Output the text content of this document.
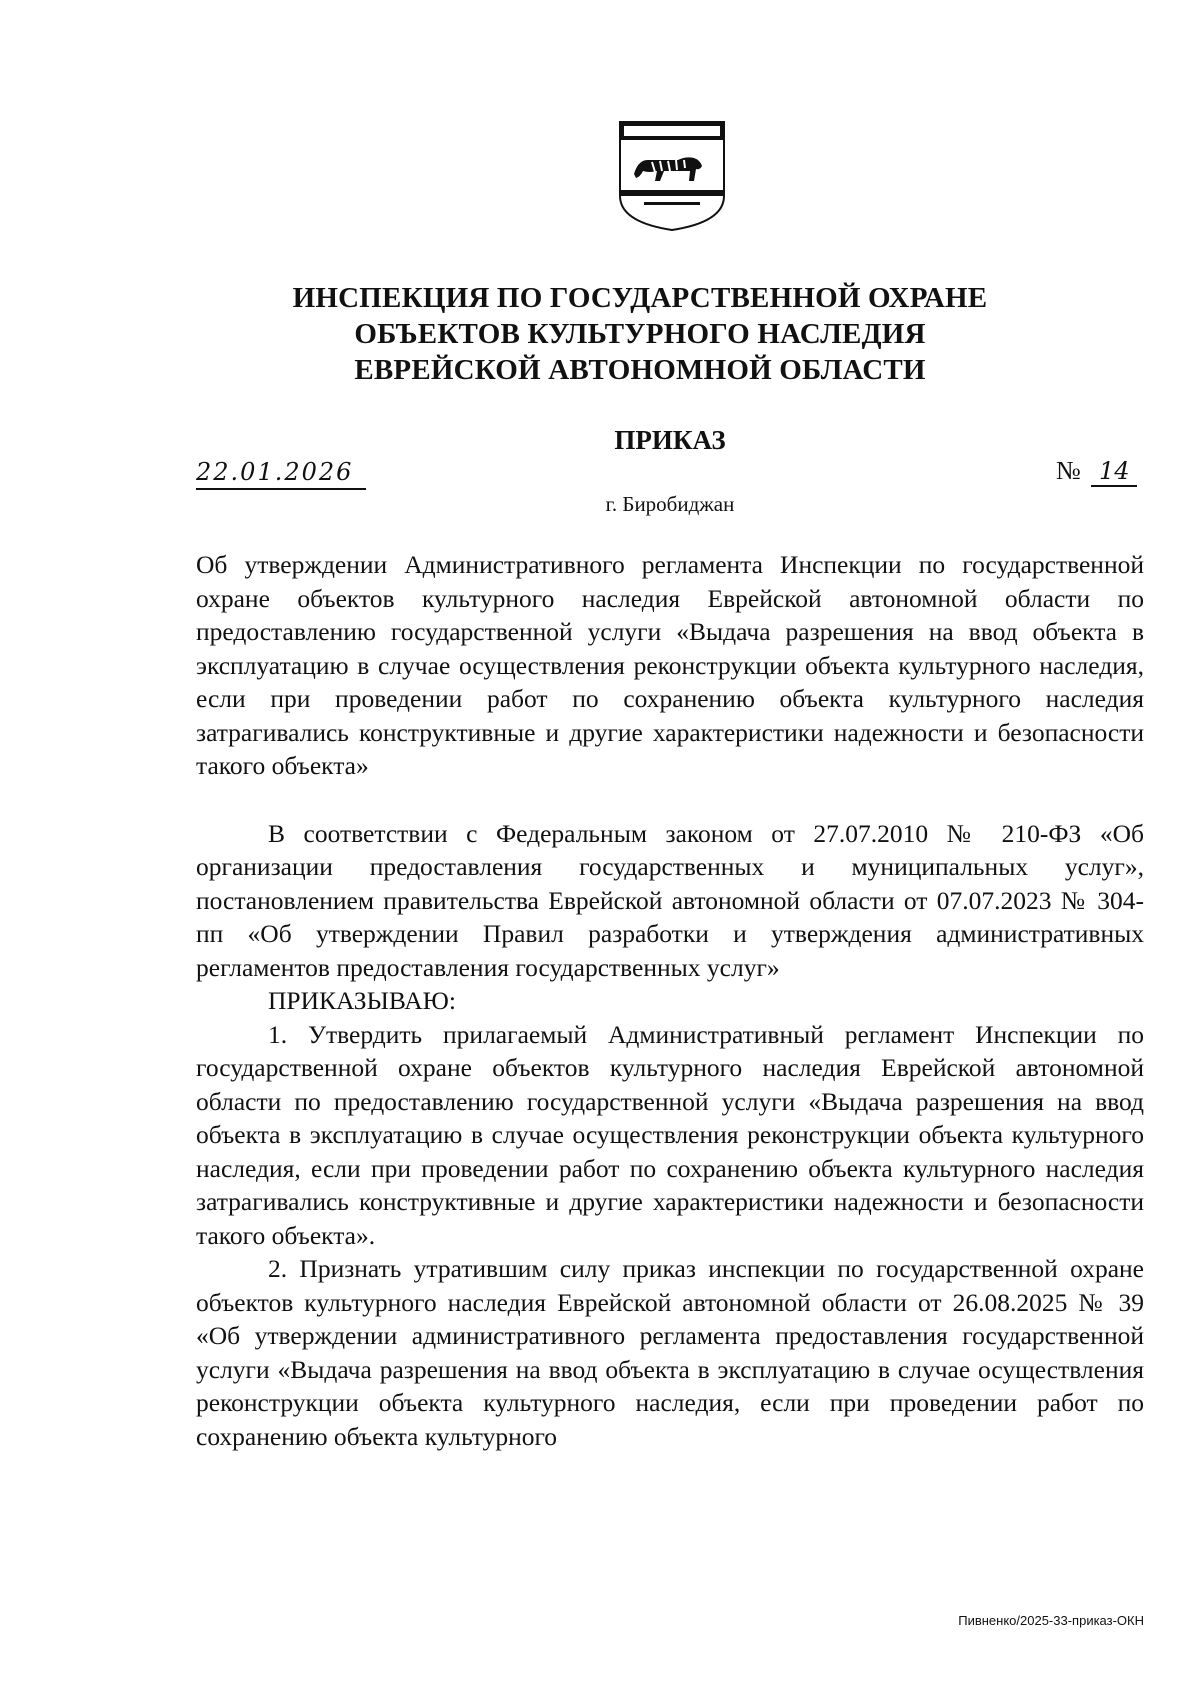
ИНСПЕКЦИЯ ПО ГОСУДАРСТВЕННОЙ ОХРАНЕ
ОБЪЕКТОВ КУЛЬТУРНОГО НАСЛЕДИЯ
ЕВРЕЙСКОЙ АВТОНОМНОЙ ОБЛАСТИ
ПРИКАЗ
22.01.2026	№ 14
г. Биробиджан

Об утверждении Административного регламента Инспекции по государственной охране объектов культурного наследия Еврейской автономной области по предоставлению государственной услуги «Выдача разрешения на ввод объекта в эксплуатацию в случае осуществления реконструкции объекта культурного наследия, если при проведении работ по сохранению объекта культурного наследия затрагивались конструктивные и другие характеристики надежности и безопасности такого объекта»

В соответствии с Федеральным законом от 27.07.2010 № 210-ФЗ «Об организации предоставления государственных и муниципальных услуг», постановлением правительства Еврейской автономной области от 07.07.2023 № 304-пп «Об утверждении Правил разработки и утверждения административных регламентов предоставления государственных услуг»

ПРИКАЗЫВАЮ:

1. Утвердить прилагаемый Административный регламент Инспекции по государственной охране объектов культурного наследия Еврейской автономной области по предоставлению государственной услуги «Выдача разрешения на ввод объекта в эксплуатацию в случае осуществления реконструкции объекта культурного наследия, если при проведении работ по сохранению объекта культурного наследия затрагивались конструктивные и другие характеристики надежности и безопасности такого объекта».

2. Признать утратившим силу приказ инспекции по государственной охране объектов культурного наследия Еврейской автономной области от 26.08.2025 № 39 «Об утверждении административного регламента предоставления государственной услуги «Выдача разрешения на ввод объекта в эксплуатацию в случае осуществления реконструкции объекта культурного наследия, если при проведении работ по сохранению объекта культурного

Пивненко/2025-33-приказ-ОКН
